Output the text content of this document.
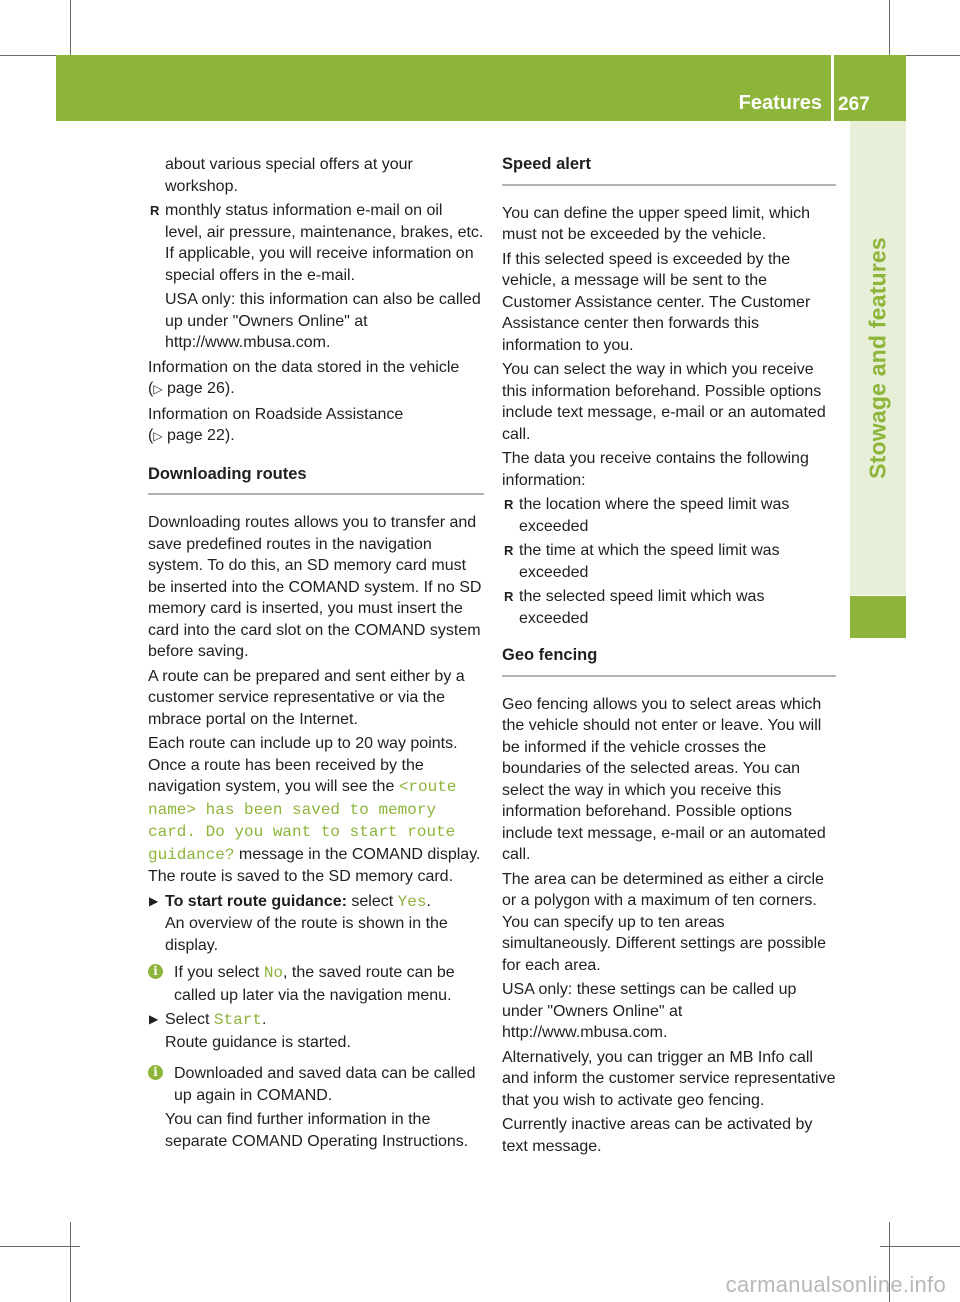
Features 267
Stowage and features

about various special offers at your workshop.

R monthly status information e-mail on oil level, air pressure, maintenance, brakes, etc. If applicable, you will receive information on special offers in the e-mail.

USA only: this information can also be called up under "Owners Online" at http://www.mbusa.com.

Information on the data stored in the vehicle
(▷ page 26).

Information on Roadside Assistance
(▷ page 22).

Downloading routes

Downloading routes allows you to transfer and save predefined routes in the navigation system. To do this, an SD memory card must be inserted into the COMAND system. If no SD memory card is inserted, you must insert the card into the card slot on the COMAND system before saving.

A route can be prepared and sent either by a customer service representative or via the mbrace portal on the Internet.

Each route can include up to 20 way points. Once a route has been received by the navigation system, you will see the <route name> has been saved to memory card. Do you want to start route guidance? message in the COMAND display. The route is saved to the SD memory card.

▶ To start route guidance: select Yes.
An overview of the route is shown in the display.
i	If you select No, the saved route can be called up later via the navigation menu.
▶ Select Start.
Route guidance is started.
i	Downloaded and saved data can be called up again in COMAND.

You can find further information in the separate COMAND Operating Instructions.

Speed alert

You can define the upper speed limit, which must not be exceeded by the vehicle.

If this selected speed is exceeded by the vehicle, a message will be sent to the Customer Assistance center. The Customer Assistance center then forwards this information to you.

You can select the way in which you receive this information beforehand. Possible options include text message, e-mail or an automated call.

The data you receive contains the following information:

R the location where the speed limit was exceeded
R the time at which the speed limit was exceeded
R the selected speed limit which was exceeded
Geo fencing

Geo fencing allows you to select areas which the vehicle should not enter or leave. You will be informed if the vehicle crosses the boundaries of the selected areas. You can select the way in which you receive this information beforehand. Possible options include text message, e-mail or an automated call.

The area can be determined as either a circle or a polygon with a maximum of ten corners. You can specify up to ten areas simultaneously. Different settings are possible for each area.

USA only: these settings can be called up under "Owners Online" at http://www.mbusa.com.

Alternatively, you can trigger an MB Info call and inform the customer service representative that you wish to activate geo fencing.

Currently inactive areas can be activated by text message.

carmanualsonline.info
